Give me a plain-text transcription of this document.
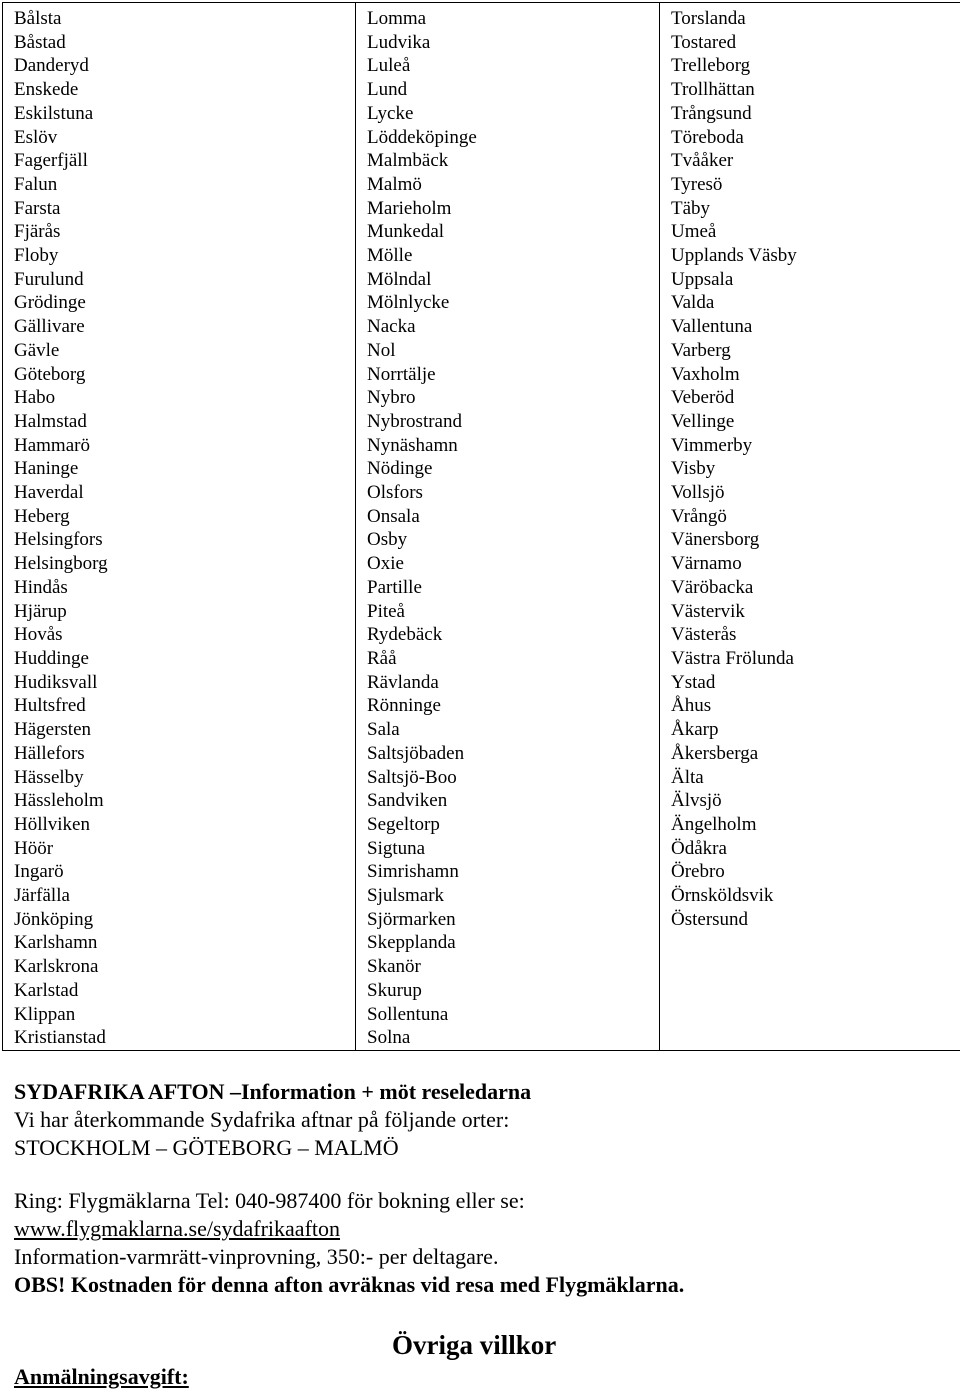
Bålsta
Båstad
Danderyd
Enskede
Eskilstuna
Eslöv
Fagerfjäll
Falun
Farsta
Fjärås
Floby
Furulund
Grödinge
Gällivare
Gävle
Göteborg
Habo
Halmstad
Hammarö
Haninge
Haverdal
Heberg
Helsingfors
Helsingborg
Hindås
Hjärup
Hovås
Huddinge
Hudiksvall
Hultsfred
Hägersten
Hällefors
Hässelby
Hässleholm
Höllviken
Höör
Ingarö
Järfälla
Jönköping
Karlshamn
Karlskrona
Karlstad
Klippan
Kristianstad

Lomma
Ludvika
Luleå
Lund
Lycke
Löddeköpinge
Malmbäck
Malmö
Marieholm
Munkedal
Mölle
Mölndal
Mölnlycke
Nacka
Nol
Norrtälje
Nybro
Nybrostrand
Nynäshamn
Nödinge
Olsfors
Onsala
Osby
Oxie
Partille
Piteå
Rydebäck
Råå
Rävlanda
Rönninge
Sala
Saltsjöbaden
Saltsjö-Boo
Sandviken
Segeltorp
Sigtuna
Simrishamn
Sjulsmark
Sjörmarken
Skepplanda
Skanör
Skurup
Sollentuna
Solna

Torslanda
Tostared
Trelleborg
Trollhättan
Trångsund
Töreboda
Tvååker
Tyresö
Täby
Umeå
Upplands Väsby
Uppsala
Valda
Vallentuna
Varberg
Vaxholm
Veberöd
Vellinge
Vimmerby
Visby
Vollsjö
Vrångö
Vänersborg
Värnamo
Väröbacka
Västervik
Västerås
Västra Frölunda
Ystad
Åhus
Åkarp
Åkersberga
Älta
Älvsjö
Ängelholm
Ödåkra
Örebro
Örnsköldsvik
Östersund
SYDAFRIKA AFTON –Information + möt reseledarna
Vi har återkommande Sydafrika aftnar på följande orter:
STOCKHOLM – GÖTEBORG – MALMÖ
Ring: Flygmäklarna Tel: 040-987400 för bokning eller se:
www.flygmaklarna.se/sydafrikaafton
Information-varmrätt-vinprovning, 350:- per deltagare.
OBS! Kostnaden för denna afton avräknas vid resa med Flygmäklarna.
Övriga villkor
Anmälningsavgift:
